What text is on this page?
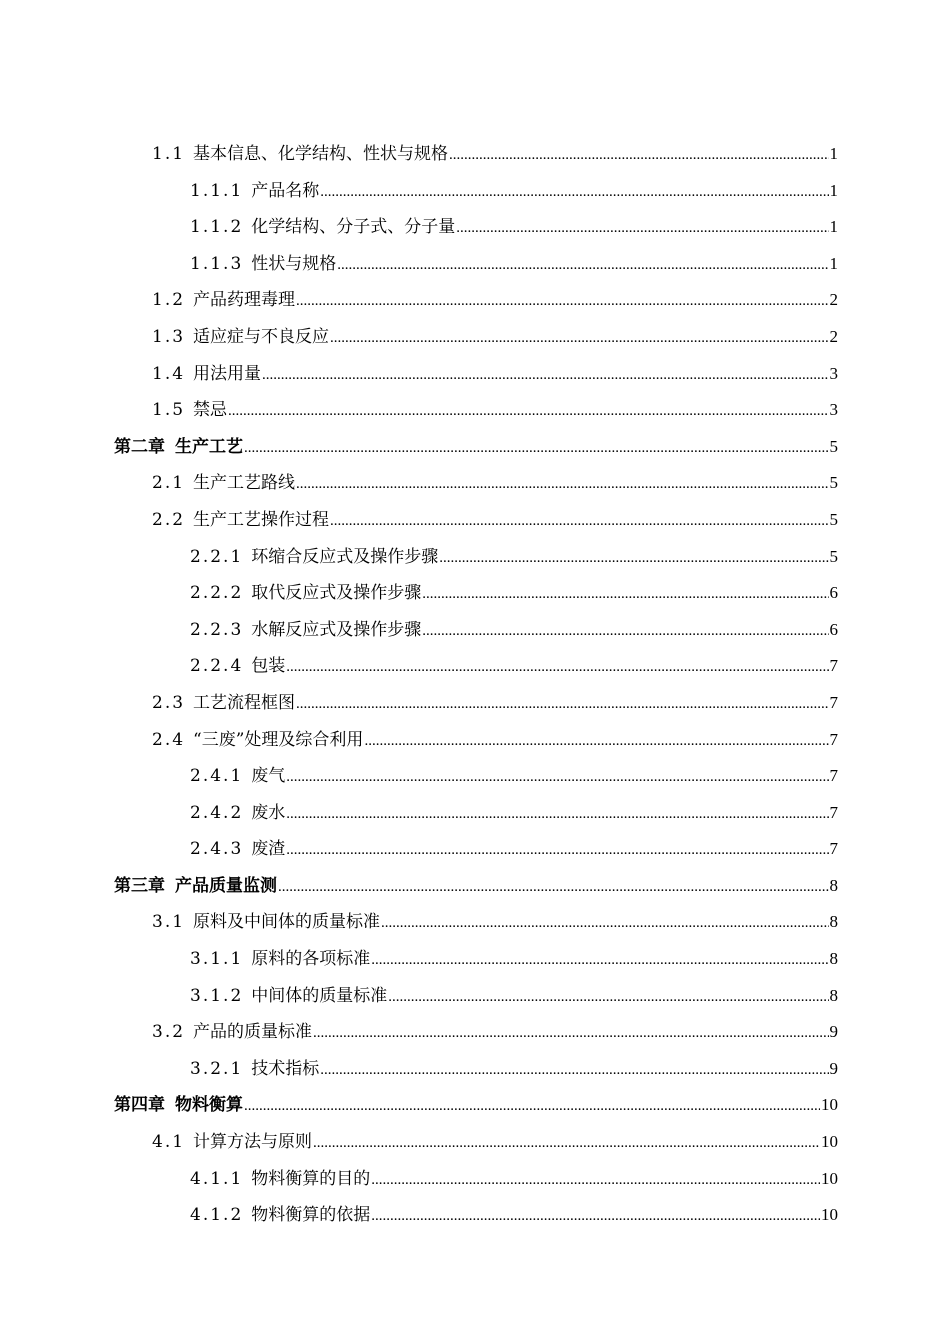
1.1 基本信息、化学结构、性状与规格 .....	1
1.1.1 产品名称 .....	1
1.1.2 化学结构、分子式、分子量 .....	1
1.1.3 性状与规格 .....	1
1.2 产品药理毒理 .....	2
1.3 适应症与不良反应 .....	2
1.4 用法用量 .....	3
1.5 禁忌 .....	3
第二章 生产工艺 .....	5
2.1 生产工艺路线 .....	5
2.2 生产工艺操作过程 .....	5
2.2.1 环缩合反应式及操作步骤 .....	5
2.2.2 取代反应式及操作步骤 .....	6
2.2.3 水解反应式及操作步骤 .....	6
2.2.4 包装 .....	7
2.3 工艺流程框图 .....	7
2.4 “三废”处理及综合利用 .....	7
2.4.1 废气 .....	7
2.4.2 废水 .....	7
2.4.3 废渣 .....	7
第三章 产品质量监测 .....	8
3.1 原料及中间体的质量标准 .....	8
3.1.1 原料的各项标准 .....	8
3.1.2 中间体的质量标准 .....	8
3.2 产品的质量标准 .....	9
3.2.1 技术指标 .....	9
第四章 物料衡算 .....	10
4.1 计算方法与原则 .....	10
4.1.1 物料衡算的目的 .....	10
4.1.2 物料衡算的依据 .....	10
